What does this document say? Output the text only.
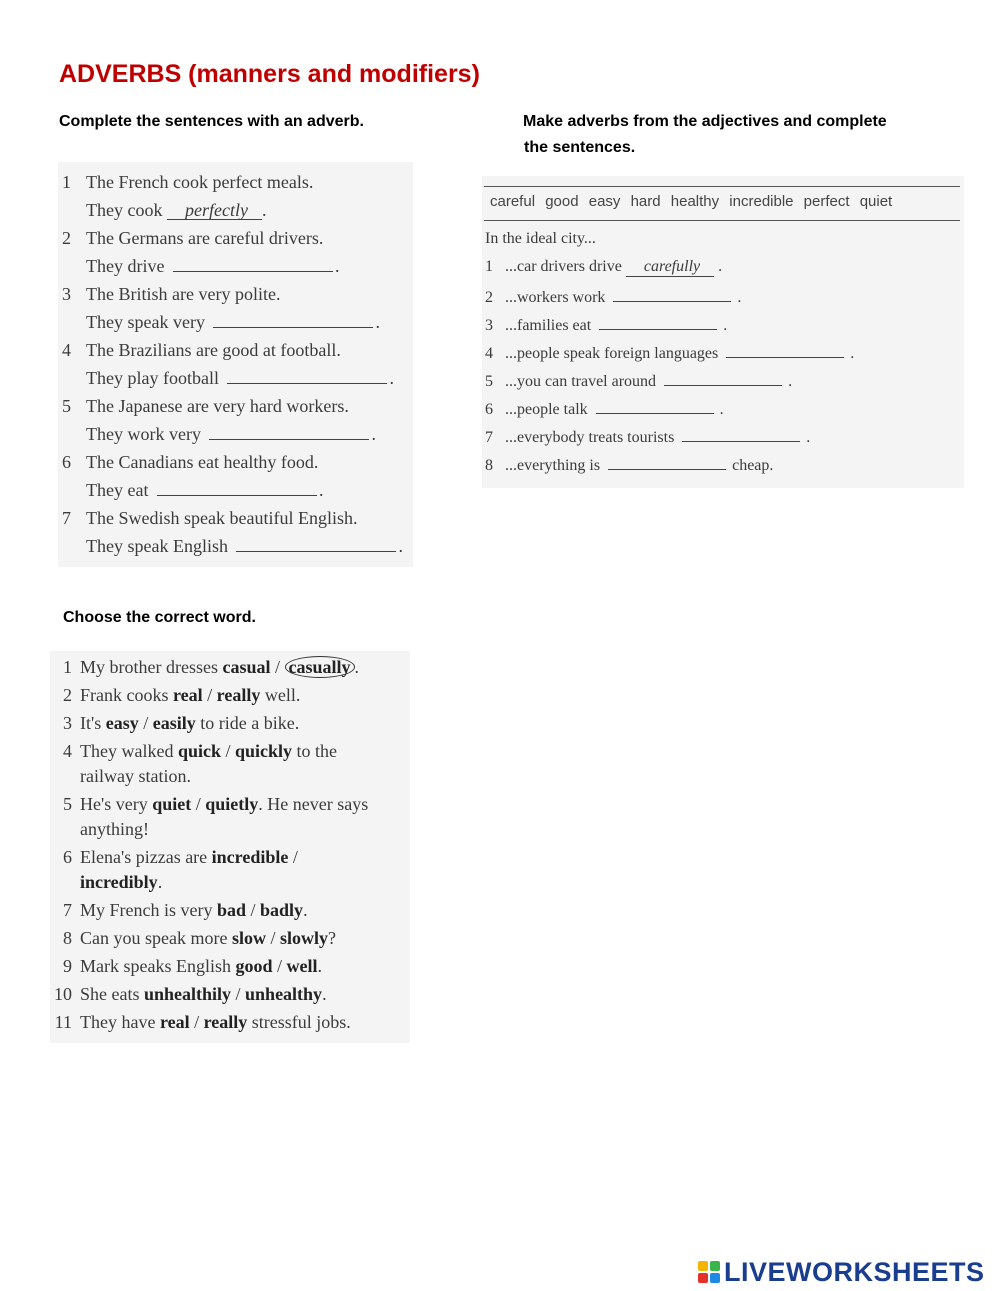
ADVERBS (manners and modifiers)
Complete the sentences with an adverb.
1 The French cook perfect meals.
They cook perfectly .
2 The Germans are careful drivers.
They drive	.
3 The British are very polite.
They speak very	.
4 The Brazilians are good at football.
They play football	.
5 The Japanese are very hard workers.
They work very	.
6 The Canadians eat healthy food.
They eat	.
7 The Swedish speak beautiful English.
They speak English	.
Make adverbs from the adjectives and complete
the sentences.
careful good easy hard healthy incredible perfect quiet
In the ideal city...
1 ...car drivers drive carefully .
2 ...workers work	.
3 ...families eat	.
4 ...people speak foreign languages	.
5 ...you can travel around	.
6 ...people talk	.
7 ...everybody treats tourists	.
8 ...everything is	cheap.
Choose the correct word.
1 My brother dresses casual / casually .
2 Frank cooks real / really well.
3 It's easy / easily to ride a bike.
4 They walked quick / quickly to the
railway station.
5 He's very quiet / quietly. He never says
anything!
6 Elena's pizzas are incredible /
incredibly.
7 My French is very bad / badly.
8 Can you speak more slow / slowly?
9 Mark speaks English good / well.
10 She eats unhealthily / unhealthy.
11 They have real / really stressful jobs.
LIVEWORKSHEETS
